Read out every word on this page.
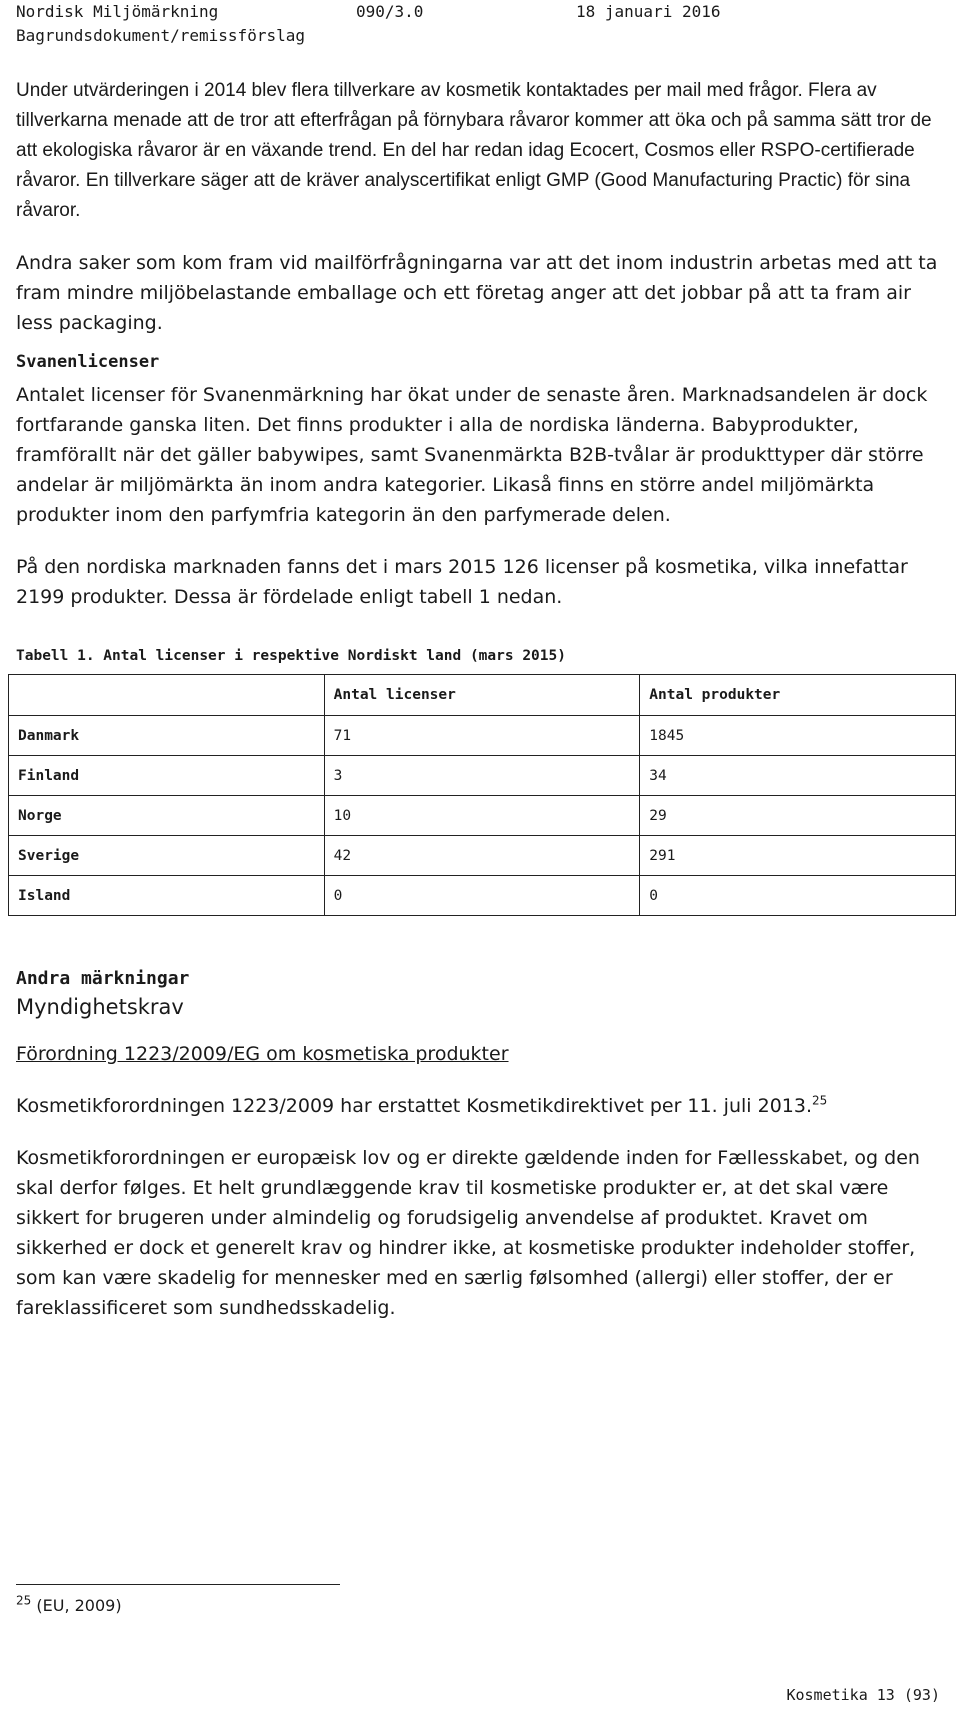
Nordisk Miljömärkning	090/3.0	18 januari 2016
Bagrundsdokument/remissförslag

Under utvärderingen i 2014 blev flera tillverkare av kosmetik kontaktades per mail med frågor. Flera av tillverkarna menade att de tror att efterfrågan på förnybara råvaror kommer att öka och på samma sätt tror de att ekologiska råvaror är en växande trend. En del har redan idag Ecocert, Cosmos eller RSPO-certifierade råvaror. En tillverkare säger att de kräver analyscertifikat enligt GMP (Good Manufacturing Practic) för sina råvaror.

Andra saker som kom fram vid mailförfrågningarna var att det inom industrin arbetas med att ta fram mindre miljöbelastande emballage och ett företag anger att det jobbar på att ta fram air less packaging.

Svanenlicenser

Antalet licenser för Svanenmärkning har ökat under de senaste åren. Marknadsandelen är dock fortfarande ganska liten. Det finns produkter i alla de nordiska länderna. Babyprodukter, framförallt när det gäller babywipes, samt Svanenmärkta B2B-tvålar är produkttyper där större andelar är miljömärkta än inom andra kategorier. Likaså finns en större andel miljömärkta produkter inom den parfymfria kategorin än den parfymerade delen.

På den nordiska marknaden fanns det i mars 2015 126 licenser på kosmetika, vilka innefattar 2199 produkter. Dessa är fördelade enligt tabell 1 nedan.

Tabell 1. Antal licenser i respektive Nordiskt land (mars 2015)
	Antal licenser	Antal produkter
Danmark	71	1845
Finland	3	34
Norge	10	29
Sverige	42	291
Island	0	0
Andra märkningar
Myndighetskrav
Förordning 1223/2009/EG om kosmetiska produkter

Kosmetikforordningen 1223/2009 har erstattet Kosmetikdirektivet per 11. juli 2013.25

Kosmetikforordningen er europæisk lov og er direkte gældende inden for Fællesskabet, og den skal derfor følges. Et helt grundlæggende krav til kosmetiske produkter er, at det skal være sikkert for brugeren under almindelig og forudsigelig anvendelse af produktet. Kravet om sikkerhed er dock et generelt krav og hindrer ikke, at kosmetiske produkter indeholder stoffer, som kan være skadelig for mennesker med en særlig følsomhed (allergi) eller stoffer, der er fareklassificeret som sundhedsskadelig.

$^{25}$ (EU, 2009)
Kosmetika 13 (93)
